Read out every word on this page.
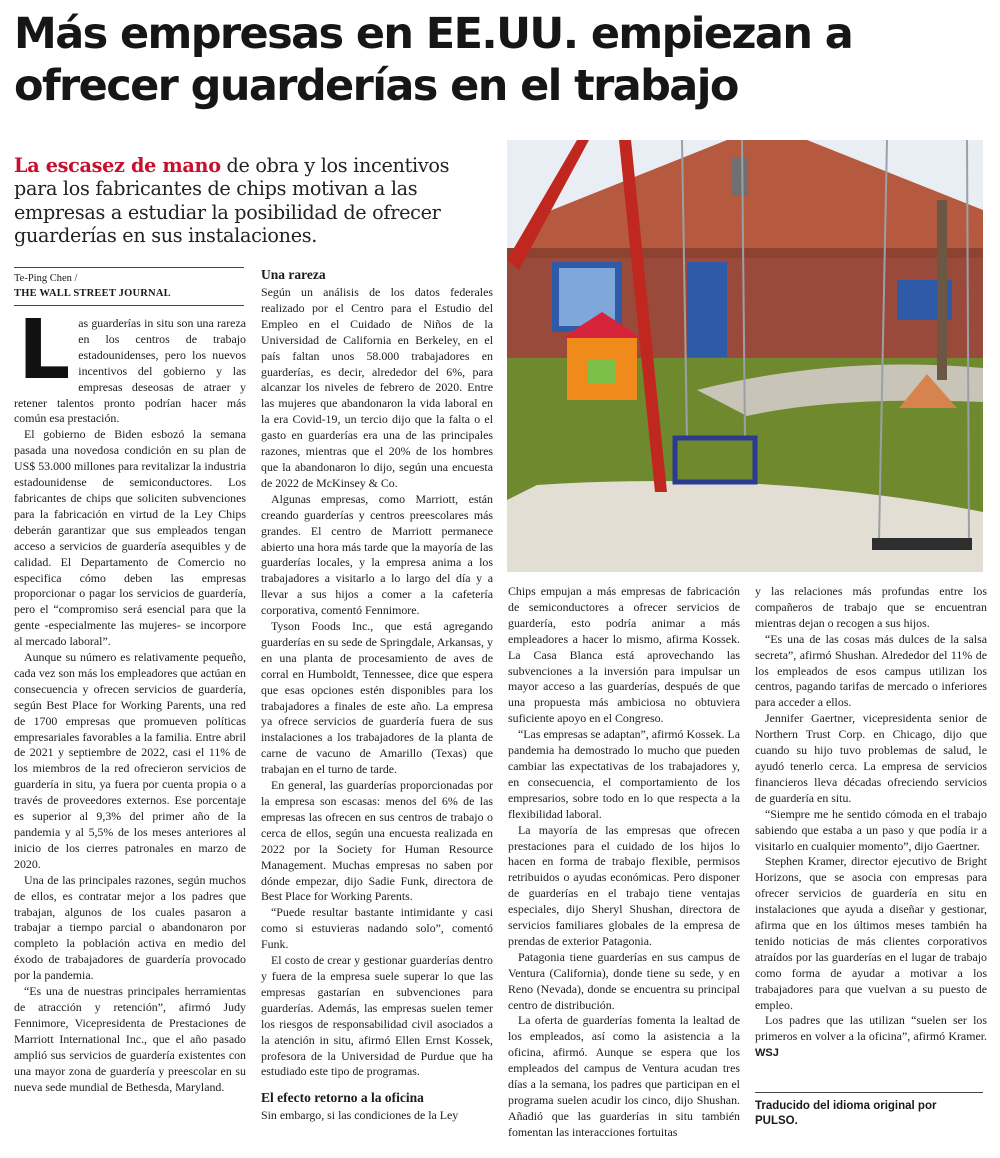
Más empresas en EE.UU. empiezan a ofrecer guarderías en el trabajo

La escasez de mano de obra y los incentivos para los fabricantes de chips motivan a las empresas a estudiar la posibilidad de ofrecer guarderías en sus instalaciones.

Te-Ping Chen /
THE WALL STREET JOURNAL

Las guarderías in situ son una rareza en los centros de trabajo estadounidenses, pero los nuevos incentivos del gobierno y las empresas deseosas de atraer y retener talentos pronto podrían hacer más común esa prestación.

El gobierno de Biden esbozó la semana pasada una novedosa condición en su plan de US$ 53.000 millones para revitalizar la industria estadounidense de semiconductores. Los fabricantes de chips que soliciten subvenciones para la fabricación en virtud de la Ley Chips deberán garantizar que sus empleados tengan acceso a servicios de guardería asequibles y de calidad. El Departamento de Comercio no especifica cómo deben las empresas proporcionar o pagar los servicios de guardería, pero el “compromiso será esencial para que la gente -especialmente las mujeres- se incorpore al mercado laboral”.

Aunque su número es relativamente pequeño, cada vez son más los empleadores que actúan en consecuencia y ofrecen servicios de guardería, según Best Place for Working Parents, una red de 1700 empresas que promueven políticas empresariales favorables a la familia. Entre abril de 2021 y septiembre de 2022, casi el 11% de los miembros de la red ofrecieron servicios de guardería in situ, ya fuera por cuenta propia o a través de proveedores externos. Ese porcentaje es superior al 9,3% del primer año de la pandemia y al 5,5% de los meses anteriores al inicio de los cierres patronales en marzo de 2020.

Una de las principales razones, según muchos de ellos, es contratar mejor a los padres que trabajan, algunos de los cuales pasaron a trabajar a tiempo parcial o abandonaron por completo la población activa en medio del éxodo de trabajadores de guardería provocado por la pandemia.

“Es una de nuestras principales herramientas de atracción y retención”, afirmó Judy Fennimore, Vicepresidenta de Prestaciones de Marriott International Inc., que el año pasado amplió sus servicios de guardería existentes con una mayor zona de guardería y preescolar en su nueva sede mundial de Bethesda, Maryland.

Una rareza

Según un análisis de los datos federales realizado por el Centro para el Estudio del Empleo en el Cuidado de Niños de la Universidad de California en Berkeley, en el país faltan unos 58.000 trabajadores en guarderías, es decir, alrededor del 6%, para alcanzar los niveles de febrero de 2020. Entre las mujeres que abandonaron la vida laboral en la era Covid-19, un tercio dijo que la falta o el gasto en guarderías era una de las principales razones, mientras que el 20% de los hombres que la abandonaron lo dijo, según una encuesta de 2022 de McKinsey & Co.

Algunas empresas, como Marriott, están creando guarderías y centros preescolares más grandes. El centro de Marriott permanece abierto una hora más tarde que la mayoría de las guarderías locales, y la empresa anima a los trabajadores a visitarlo a lo largo del día y a llevar a sus hijos a comer a la cafetería corporativa, comentó Fennimore.

Tyson Foods Inc., que está agregando guarderías en su sede de Springdale, Arkansas, y en una planta de procesamiento de aves de corral en Humboldt, Tennessee, dice que espera que esas opciones estén disponibles para los trabajadores a finales de este año. La empresa ya ofrece servicios de guardería fuera de sus instalaciones a los trabajadores de la planta de carne de vacuno de Amarillo (Texas) que trabajan en el turno de tarde.

En general, las guarderías proporcionadas por la empresa son escasas: menos del 6% de las empresas las ofrecen en sus centros de trabajo o cerca de ellos, según una encuesta realizada en 2022 por la Society for Human Resource Management. Muchas empresas no saben por dónde empezar, dijo Sadie Funk, directora de Best Place for Working Parents.

“Puede resultar bastante intimidante y casi como si estuvieras nadando solo”, comentó Funk.

El costo de crear y gestionar guarderías dentro y fuera de la empresa suele superar lo que las empresas gastarían en subvenciones para guarderías. Además, las empresas suelen temer los riesgos de responsabilidad civil asociados a la atención in situ, afirmó Ellen Ernst Kossek, profesora de la Universidad de Purdue que ha estudiado este tipo de programas.

El efecto retorno a la oficina

Sin embargo, si las condiciones de la Ley

Chips empujan a más empresas de fabricación de semiconductores a ofrecer servicios de guardería, esto podría animar a más empleadores a hacer lo mismo, afirma Kossek. La Casa Blanca está aprovechando las subvenciones a la inversión para impulsar un mayor acceso a las guarderías, después de que una propuesta más ambiciosa no obtuviera suficiente apoyo en el Congreso.

“Las empresas se adaptan”, afirmó Kossek. La pandemia ha demostrado lo mucho que pueden cambiar las expectativas de los trabajadores y, en consecuencia, el comportamiento de los empresarios, sobre todo en lo que respecta a la flexibilidad laboral.

La mayoría de las empresas que ofrecen prestaciones para el cuidado de los hijos lo hacen en forma de trabajo flexible, permisos retribuidos o ayudas económicas. Pero disponer de guarderías en el trabajo tiene ventajas especiales, dijo Sheryl Shushan, directora de servicios familiares globales de la empresa de prendas de exterior Patagonia.

Patagonia tiene guarderías en sus campus de Ventura (California), donde tiene su sede, y en Reno (Nevada), donde se encuentra su principal centro de distribución.

La oferta de guarderías fomenta la lealtad de los empleados, así como la asistencia a la oficina, afirmó. Aunque se espera que los empleados del campus de Ventura acudan tres días a la semana, los padres que participan en el programa suelen acudir los cinco, dijo Shushan. Añadió que las guarderías in situ también fomentan las interacciones fortuitas

y las relaciones más profundas entre los compañeros de trabajo que se encuentran mientras dejan o recogen a sus hijos.

“Es una de las cosas más dulces de la salsa secreta”, afirmó Shushan. Alrededor del 11% de los empleados de esos campus utilizan los centros, pagando tarifas de mercado o inferiores para acceder a ellos.

Jennifer Gaertner, vicepresidenta senior de Northern Trust Corp. en Chicago, dijo que cuando su hijo tuvo problemas de salud, le ayudó tenerlo cerca. La empresa de servicios financieros lleva décadas ofreciendo servicios de guardería en situ.

“Siempre me he sentido cómoda en el trabajo sabiendo que estaba a un paso y que podía ir a visitarlo en cualquier momento”, dijo Gaertner.

Stephen Kramer, director ejecutivo de Bright Horizons, que se asocia con empresas para ofrecer servicios de guardería en situ en instalaciones que ayuda a diseñar y gestionar, afirma que en los últimos meses también ha tenido noticias de más clientes corporativos atraídos por las guarderías en el lugar de trabajo como forma de ayudar a motivar a los trabajadores para que vuelvan a su puesto de empleo.

Los padres que las utilizan “suelen ser los primeros en volver a la oficina”, afirmó Kramer. WSJ

Traducido del idioma original por PULSO.
